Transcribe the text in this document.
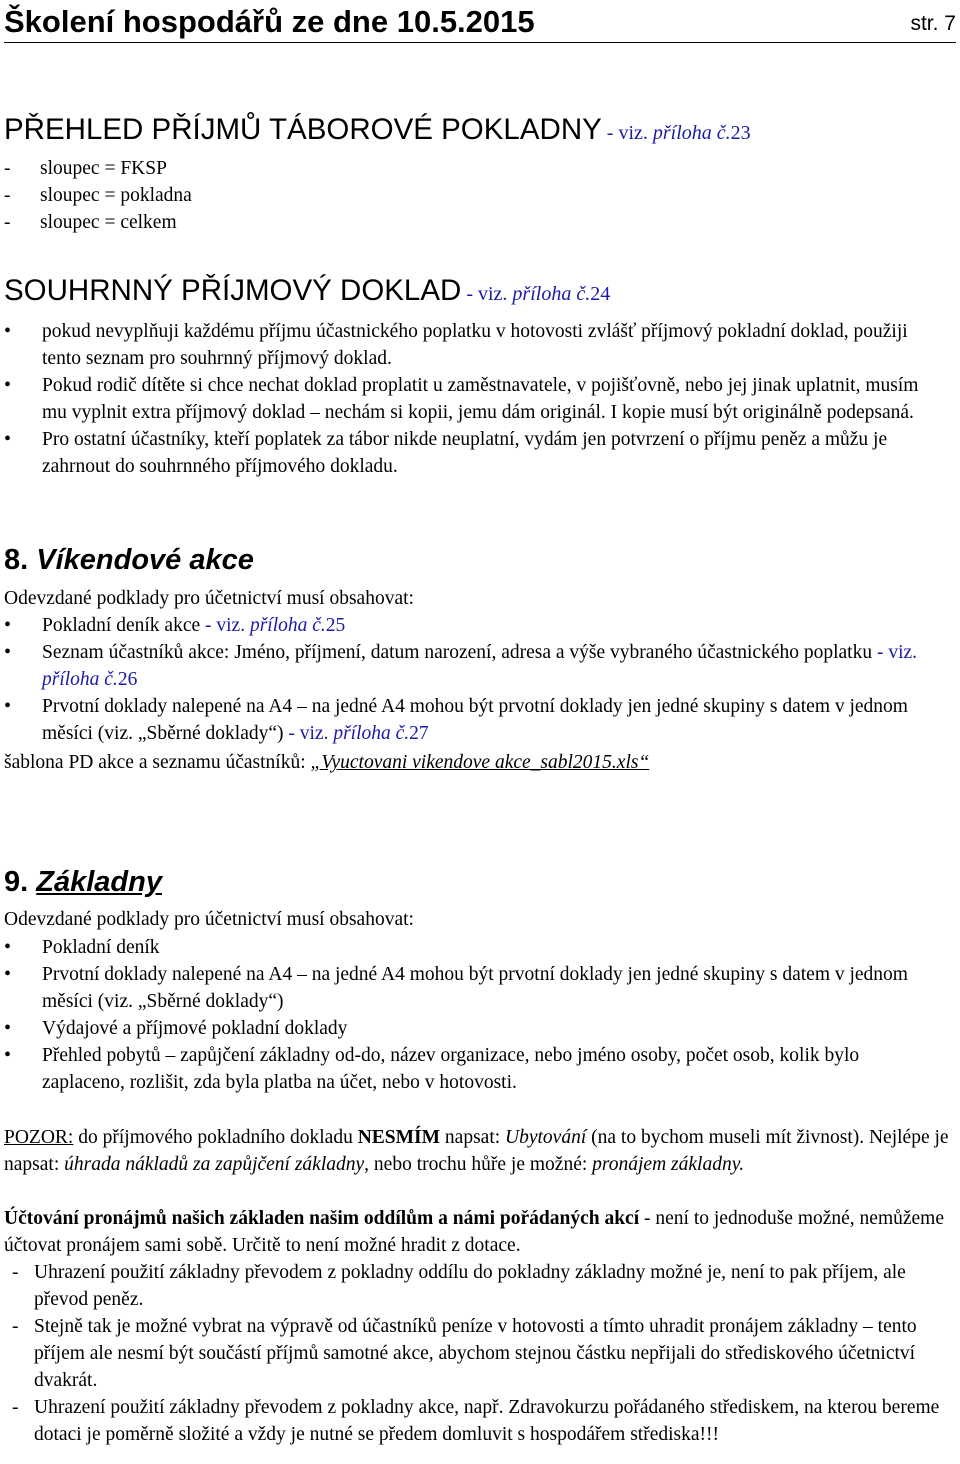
Školení hospodářů ze dne 10.5.2015	str. 7
PŘEHLED PŘÍJMŮ TÁBOROVÉ POKLADNY - viz. příloha č.23
- sloupec = FKSP
- sloupec = pokladna
- sloupec = celkem
SOUHRNNÝ PŘÍJMOVÝ DOKLAD - viz. příloha č.24
• pokud nevyplňuji každému příjmu účastnického poplatku v hotovosti zvlášť příjmový pokladní doklad, použiji tento seznam pro souhrnný příjmový doklad.
• Pokud rodič dítěte si chce nechat doklad proplatit u zaměstnavatele, v pojišťovně, nebo jej jinak uplatnit, musím mu vyplnit extra příjmový doklad – nechám si kopii, jemu dám originál. I kopie musí být originálně podepsaná.
• Pro ostatní účastníky, kteří poplatek za tábor nikde neuplatní, vydám jen potvrzení o příjmu peněz a můžu je zahrnout do souhrnného příjmového dokladu.
8. Víkendové akce
Odevzdané podklady pro účetnictví musí obsahovat:
• Pokladní deník akce - viz. příloha č.25
• Seznam účastníků akce: Jméno, příjmení, datum narození, adresa a výše vybraného účastnického poplatku - viz. příloha č.26
• Prvotní doklady nalepené na A4 – na jedné A4 mohou být prvotní doklady jen jedné skupiny s datem v jednom měsíci (viz. „Sběrné doklady“) - viz. příloha č.27
šablona PD akce a seznamu účastníků: „Vyuctovani vikendove akce_sabl2015.xls“
9. Základny
Odevzdané podklady pro účetnictví musí obsahovat:
• Pokladní deník
• Prvotní doklady nalepené na A4 – na jedné A4 mohou být prvotní doklady jen jedné skupiny s datem v jednom měsíci (viz. „Sběrné doklady“)
• Výdajové a příjmové pokladní doklady
• Přehled pobytů – zapůjčení základny od-do, název organizace, nebo jméno osoby, počet osob, kolik bylo zaplaceno, rozlišit, zda byla platba na účet, nebo v hotovosti.
POZOR: do příjmového pokladního dokladu NESMÍM napsat: Ubytování (na to bychom museli mít živnost). Nejlépe je napsat: úhrada nákladů za zapůjčení základny, nebo trochu hůře je možné: pronájem základny.
Účtování pronájmů našich základen našim oddílům a námi pořádaných akcí - není to jednoduše možné, nemůžeme účtovat pronájem sami sobě. Určitě to není možné hradit z dotace.
- Uhrazení použití základny převodem z pokladny oddílu do pokladny základny možné je, není to pak příjem, ale převod peněz.
- Stejně tak je možné vybrat na výpravě od účastníků peníze v hotovosti a tímto uhradit pronájem základny – tento příjem ale nesmí být součástí příjmů samotné akce, abychom stejnou částku nepřijali do střediskového účetnictví dvakrát.
- Uhrazení použití základny převodem z pokladny akce, např. Zdravokurzu pořádaného střediskem, na kterou bereme dotaci je poměrně složité a vždy je nutné se předem domluvit s hospodářem střediska!!!
